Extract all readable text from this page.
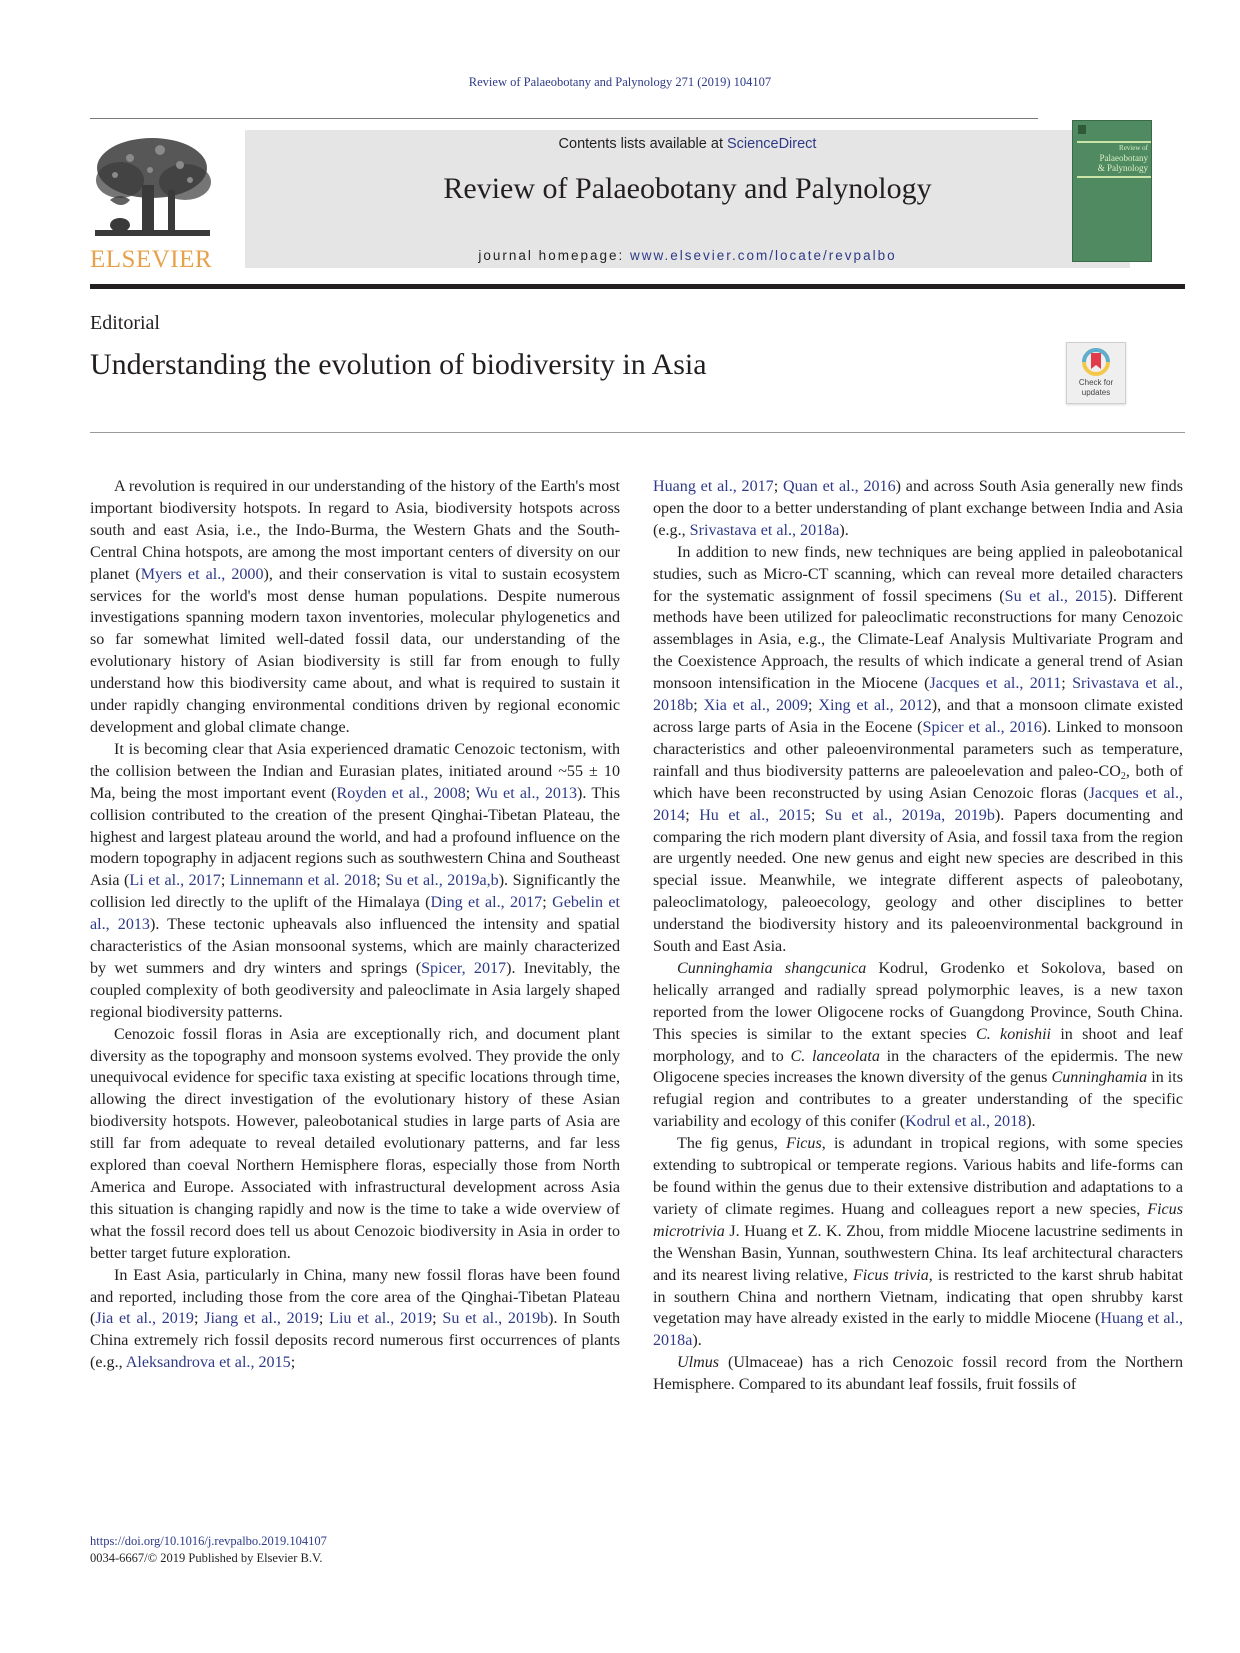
Review of Palaeobotany and Palynology 271 (2019) 104107
ELSEVIER
Contents lists available at ScienceDirect
Review of Palaeobotany and Palynology
journal homepage: www.elsevier.com/locate/revpalbo
Review of
Palaeobotany
& Palynology
Editorial
Understanding the evolution of biodiversity in Asia
Check for
updates

A revolution is required in our understanding of the history of the Earth's most important biodiversity hotspots. In regard to Asia, biodiversity hotspots across south and east Asia, i.e., the Indo-Burma, the Western Ghats and the South-Central China hotspots, are among the most important centers of diversity on our planet (Myers et al., 2000), and their conservation is vital to sustain ecosystem services for the world's most dense human populations. Despite numerous investigations spanning modern taxon inventories, molecular phylogenetics and so far somewhat limited well-dated fossil data, our understanding of the evolutionary history of Asian biodiversity is still far from enough to fully understand how this biodiversity came about, and what is required to sustain it under rapidly changing environmental conditions driven by regional economic development and global climate change.

It is becoming clear that Asia experienced dramatic Cenozoic tectonism, with the collision between the Indian and Eurasian plates, initiated around ~55 ± 10 Ma, being the most important event (Royden et al., 2008; Wu et al., 2013). This collision contributed to the creation of the present Qinghai-Tibetan Plateau, the highest and largest plateau around the world, and had a profound influence on the modern topography in adjacent regions such as southwestern China and Southeast Asia (Li et al., 2017; Linnemann et al. 2018; Su et al., 2019a,b). Significantly the collision led directly to the uplift of the Himalaya (Ding et al., 2017; Gebelin et al., 2013). These tectonic upheavals also influenced the intensity and spatial characteristics of the Asian monsoonal systems, which are mainly characterized by wet summers and dry winters and springs (Spicer, 2017). Inevitably, the coupled complexity of both geodiversity and paleoclimate in Asia largely shaped regional biodiversity patterns.

Cenozoic fossil floras in Asia are exceptionally rich, and document plant diversity as the topography and monsoon systems evolved. They provide the only unequivocal evidence for specific taxa existing at specific locations through time, allowing the direct investigation of the evolutionary history of these Asian biodiversity hotspots. However, paleobotanical studies in large parts of Asia are still far from adequate to reveal detailed evolutionary patterns, and far less explored than coeval Northern Hemisphere floras, especially those from North America and Europe. Associated with infrastructural development across Asia this situation is changing rapidly and now is the time to take a wide overview of what the fossil record does tell us about Cenozoic biodiversity in Asia in order to better target future exploration.

In East Asia, particularly in China, many new fossil floras have been found and reported, including those from the core area of the Qinghai-Tibetan Plateau (Jia et al., 2019; Jiang et al., 2019; Liu et al., 2019; Su et al., 2019b). In South China extremely rich fossil deposits record numerous first occurrences of plants (e.g., Aleksandrova et al., 2015;

Huang et al., 2017; Quan et al., 2016) and across South Asia generally new finds open the door to a better understanding of plant exchange between India and Asia (e.g., Srivastava et al., 2018a).

In addition to new finds, new techniques are being applied in paleobotanical studies, such as Micro-CT scanning, which can reveal more detailed characters for the systematic assignment of fossil specimens (Su et al., 2015). Different methods have been utilized for paleoclimatic reconstructions for many Cenozoic assemblages in Asia, e.g., the Climate-Leaf Analysis Multivariate Program and the Coexistence Approach, the results of which indicate a general trend of Asian monsoon intensification in the Miocene (Jacques et al., 2011; Srivastava et al., 2018b; Xia et al., 2009; Xing et al., 2012), and that a monsoon climate existed across large parts of Asia in the Eocene (Spicer et al., 2016). Linked to monsoon characteristics and other paleoenvironmental parameters such as temperature, rainfall and thus biodiversity patterns are paleoelevation and paleo-$CO_2$, both of which have been reconstructed by using Asian Cenozoic floras (Jacques et al., 2014; Hu et al., 2015; Su et al., 2019a, 2019b). Papers documenting and comparing the rich modern plant diversity of Asia, and fossil taxa from the region are urgently needed. One new genus and eight new species are described in this special issue. Meanwhile, we integrate different aspects of paleobotany, paleoclimatology, paleoecology, geology and other disciplines to better understand the biodiversity history and its paleoenvironmental background in South and East Asia.

Cunninghamia shangcunica Kodrul, Grodenko et Sokolova, based on helically arranged and radially spread polymorphic leaves, is a new taxon reported from the lower Oligocene rocks of Guangdong Province, South China. This species is similar to the extant species C. konishii in shoot and leaf morphology, and to C. lanceolata in the characters of the epidermis. The new Oligocene species increases the known diversity of the genus Cunninghamia in its refugial region and contributes to a greater understanding of the specific variability and ecology of this conifer (Kodrul et al., 2018).

The fig genus, Ficus, is adundant in tropical regions, with some species extending to subtropical or temperate regions. Various habits and life-forms can be found within the genus due to their extensive distribution and adaptations to a variety of climate regimes. Huang and colleagues report a new species, Ficus microtrivia J. Huang et Z. K. Zhou, from middle Miocene lacustrine sediments in the Wenshan Basin, Yunnan, southwestern China. Its leaf architectural characters and its nearest living relative, Ficus trivia, is restricted to the karst shrub habitat in southern China and northern Vietnam, indicating that open shrubby karst vegetation may have already existed in the early to middle Miocene (Huang et al., 2018a).

Ulmus (Ulmaceae) has a rich Cenozoic fossil record from the Northern Hemisphere. Compared to its abundant leaf fossils, fruit fossils of

https://doi.org/10.1016/j.revpalbo.2019.104107
0034-6667/© 2019 Published by Elsevier B.V.
